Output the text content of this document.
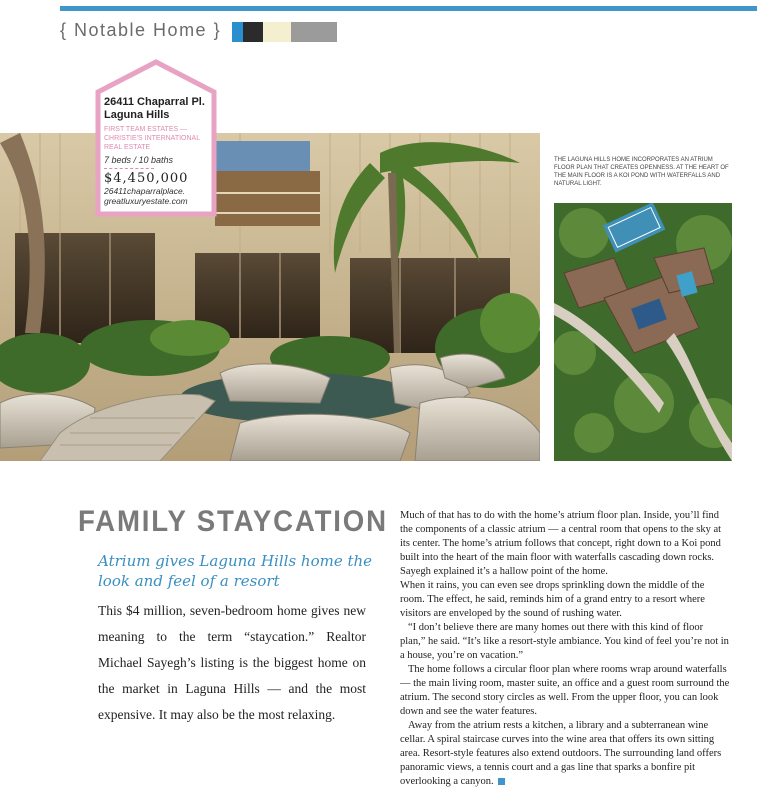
{ Notable Home }
26411 Chaparral Pl. Laguna Hills
FIRST TEAM ESTATES — CHRISTIE'S INTERNATIONAL REAL ESTATE
7 beds / 10 baths
$4,450,000
26411chaparralplace. greatluxuryestate.com
THE LAGUNA HILLS HOME INCORPORATES AN ATRIUM FLOOR PLAN THAT CREATES OPENNESS. AT THE HEART OF THE MAIN FLOOR IS A KOI POND WITH WATERFALLS AND NATURAL LIGHT.
FAMILY STAYCATION
Atrium gives Laguna Hills home the look and feel of a resort
This $4 million, seven-bedroom home gives new meaning to the term “staycation.” Realtor Michael Sayegh’s listing is the biggest home on the market in Laguna Hills — and the most expensive. It may also be the most relaxing.

Much of that has to do with the home’s atrium floor plan. Inside, you’ll find the components of a classic atrium — a central room that opens to the sky at its center. The home’s atrium follows that concept, right down to a Koi pond built into the heart of the main floor with waterfalls cascading down rocks. Sayegh explained it’s a hallow point of the home.

When it rains, you can even see drops sprinkling down the middle of the room. The effect, he said, reminds him of a grand entry to a resort where visitors are enveloped by the sound of rushing water.

“I don’t believe there are many homes out there with this kind of floor plan,” he said. “It’s like a resort-style ambiance. You kind of feel you’re not in a house, you’re on vacation.”

The home follows a circular floor plan where rooms wrap around waterfalls — the main living room, master suite, an office and a guest room surround the atrium. The second story circles as well. From the upper floor, you can look down and see the water features.

Away from the atrium rests a kitchen, a library and a subterranean wine cellar. A spiral staircase curves into the wine area that offers its own sitting area. Resort-style features also extend outdoors. The surrounding land offers panoramic views, a tennis court and a gas line that sparks a bonfire pit overlooking a canyon.
